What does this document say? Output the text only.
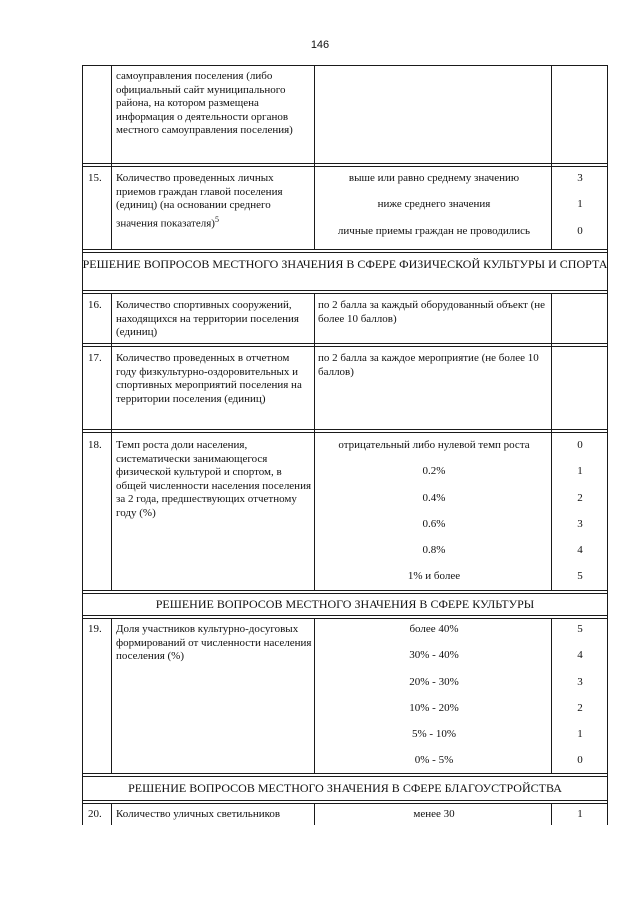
146
самоуправления поселения (либо официальный сайт муниципального района, на котором размещена информация о деятельности органов местного самоуправления поселения)
15. Количество проведенных личных приемов граждан главой поселения (единиц) (на основании среднего значения показателя)$^5$
выше или равно среднему значению	3
ниже среднего значения	1
личные приемы граждан не проводились	0
РЕШЕНИЕ ВОПРОСОВ МЕСТНОГО ЗНАЧЕНИЯ В СФЕРЕ ФИЗИЧЕСКОЙ КУЛЬТУРЫ И СПОРТА
16. Количество спортивных сооружений, находящихся на территории поселения (единиц)
по 2 балла за каждый оборудованный объект (не более 10 баллов)
17. Количество проведенных в отчетном году физкультурно-оздоровительных и спортивных мероприятий поселения на территории поселения (единиц)
по 2 балла за каждое мероприятие (не более 10 баллов)
18. Темп роста доли населения, систематически занимающегося физической культурой и спортом, в общей численности населения поселения за 2 года, предшествующих отчетному году (%)
отрицательный либо нулевой темп роста	0
0.2%	1
0.4%	2
0.6%	3
0.8%	4
1% и более	5
РЕШЕНИЕ ВОПРОСОВ МЕСТНОГО ЗНАЧЕНИЯ В СФЕРЕ КУЛЬТУРЫ
19. Доля участников культурно-досуговых формирований от численности населения поселения (%)
более 40%	5
30% - 40%	4
20% - 30%	3
10% - 20%	2
5% - 10%	1
0% - 5%	0
РЕШЕНИЕ ВОПРОСОВ МЕСТНОГО ЗНАЧЕНИЯ В СФЕРЕ БЛАГОУСТРОЙСТВА
20. Количество уличных светильников	менее 30	1
